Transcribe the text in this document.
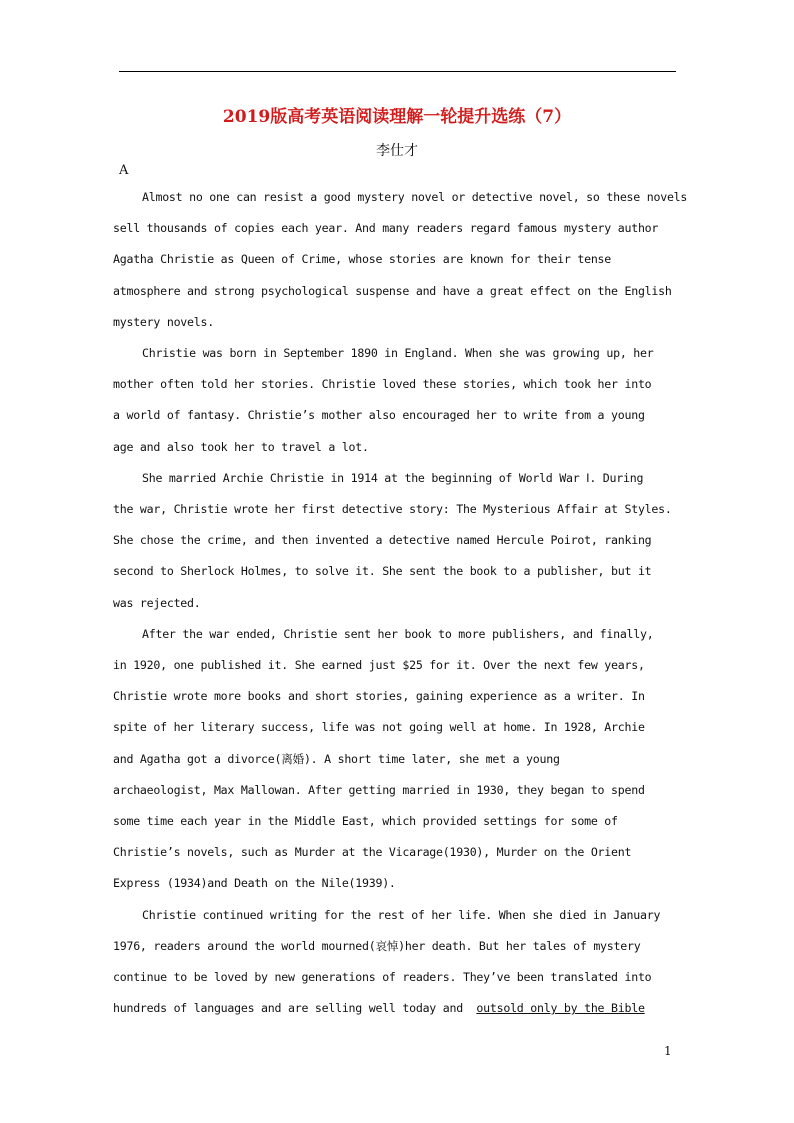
2019版高考英语阅读理解一轮提升选练（7）
李仕才
A

Almost no one can resist a good mystery novel or detective novel, so these novels
sell thousands of copies each year. And many readers regard famous mystery author
Agatha Christie as Queen of Crime, whose stories are known for their tense
atmosphere and strong psychological suspense and have a great effect on the English
mystery novels.

Christie was born in September 1890 in England. When she was growing up, her
mother often told her stories. Christie loved these stories, which took her into
a world of fantasy. Christie’s mother also encouraged her to write from a young
age and also took her to travel a lot.

She married Archie Christie in 1914 at the beginning of World War Ⅰ. During
the war, Christie wrote her first detective story: The Mysterious Affair at Styles.
She chose the crime, and then invented a detective named Hercule Poirot, ranking
second to Sherlock Holmes, to solve it. She sent the book to a publisher, but it
was rejected.

After the war ended, Christie sent her book to more publishers, and finally,
in 1920, one published it. She earned just $25 for it. Over the next few years,
Christie wrote more books and short stories, gaining experience as a writer. In
spite of her literary success, life was not going well at home. In 1928, Archie
and Agatha got a divorce(离婚). A short time later, she met a young
archaeologist, Max Mallowan. After getting married in 1930, they began to spend
some time each year in the Middle East, which provided settings for some of
Christie’s novels, such as Murder at the Vicarage(1930), Murder on the Orient
Express (1934)and Death on the Nile(1939).

Christie continued writing for the rest of her life. When she died in January
1976, readers around the world mourned(哀悼)her death. But her tales of mystery
continue to be loved by new generations of readers. They’ve been translated into
hundreds of languages and are selling well today and  outsold only by the Bible

1
